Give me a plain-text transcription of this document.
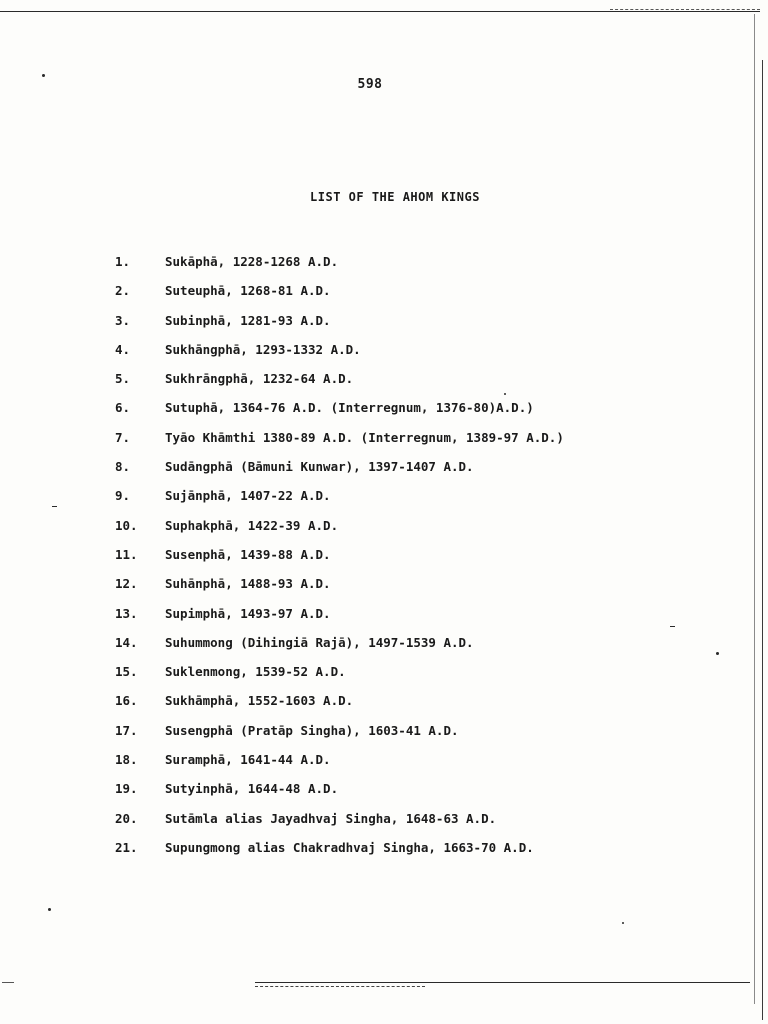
598
LIST OF THE AHOM KINGS
1.	Sukāphā, 1228-1268 A.D.
2.	Suteuphā, 1268-81 A.D.
3.	Subinphā, 1281-93 A.D.
4.	Sukhāngphā, 1293-1332 A.D.
5.	Sukhrāngphā, 1232-64 A.D.
6.	Sutuphā, 1364-76 A.D. (Interregnum, 1376-80)A.D.)
7.	Tyāo Khāmthi 1380-89 A.D. (Interregnum, 1389-97 A.D.)
8.	Sudāngphā (Bāmuni Kunwar), 1397-1407 A.D.
9.	Sujānphā, 1407-22 A.D.
10. Suphakphā, 1422-39 A.D.
11. Susenphā, 1439-88 A.D.
12. Suhānphā, 1488-93 A.D.
13. Supimphā, 1493-97 A.D.
14. Suhummong (Dihingiā Rajā), 1497-1539 A.D.
15. Suklenmong, 1539-52 A.D.
16. Sukhāmphā, 1552-1603 A.D.
17. Susengphā (Pratāp Singha), 1603-41 A.D.
18. Suramphā, 1641-44 A.D.
19. Sutyinphā, 1644-48 A.D.
20. Sutāmla alias Jayadhvaj Singha, 1648-63 A.D.
21. Supungmong alias Chakradhvaj Singha, 1663-70 A.D.
